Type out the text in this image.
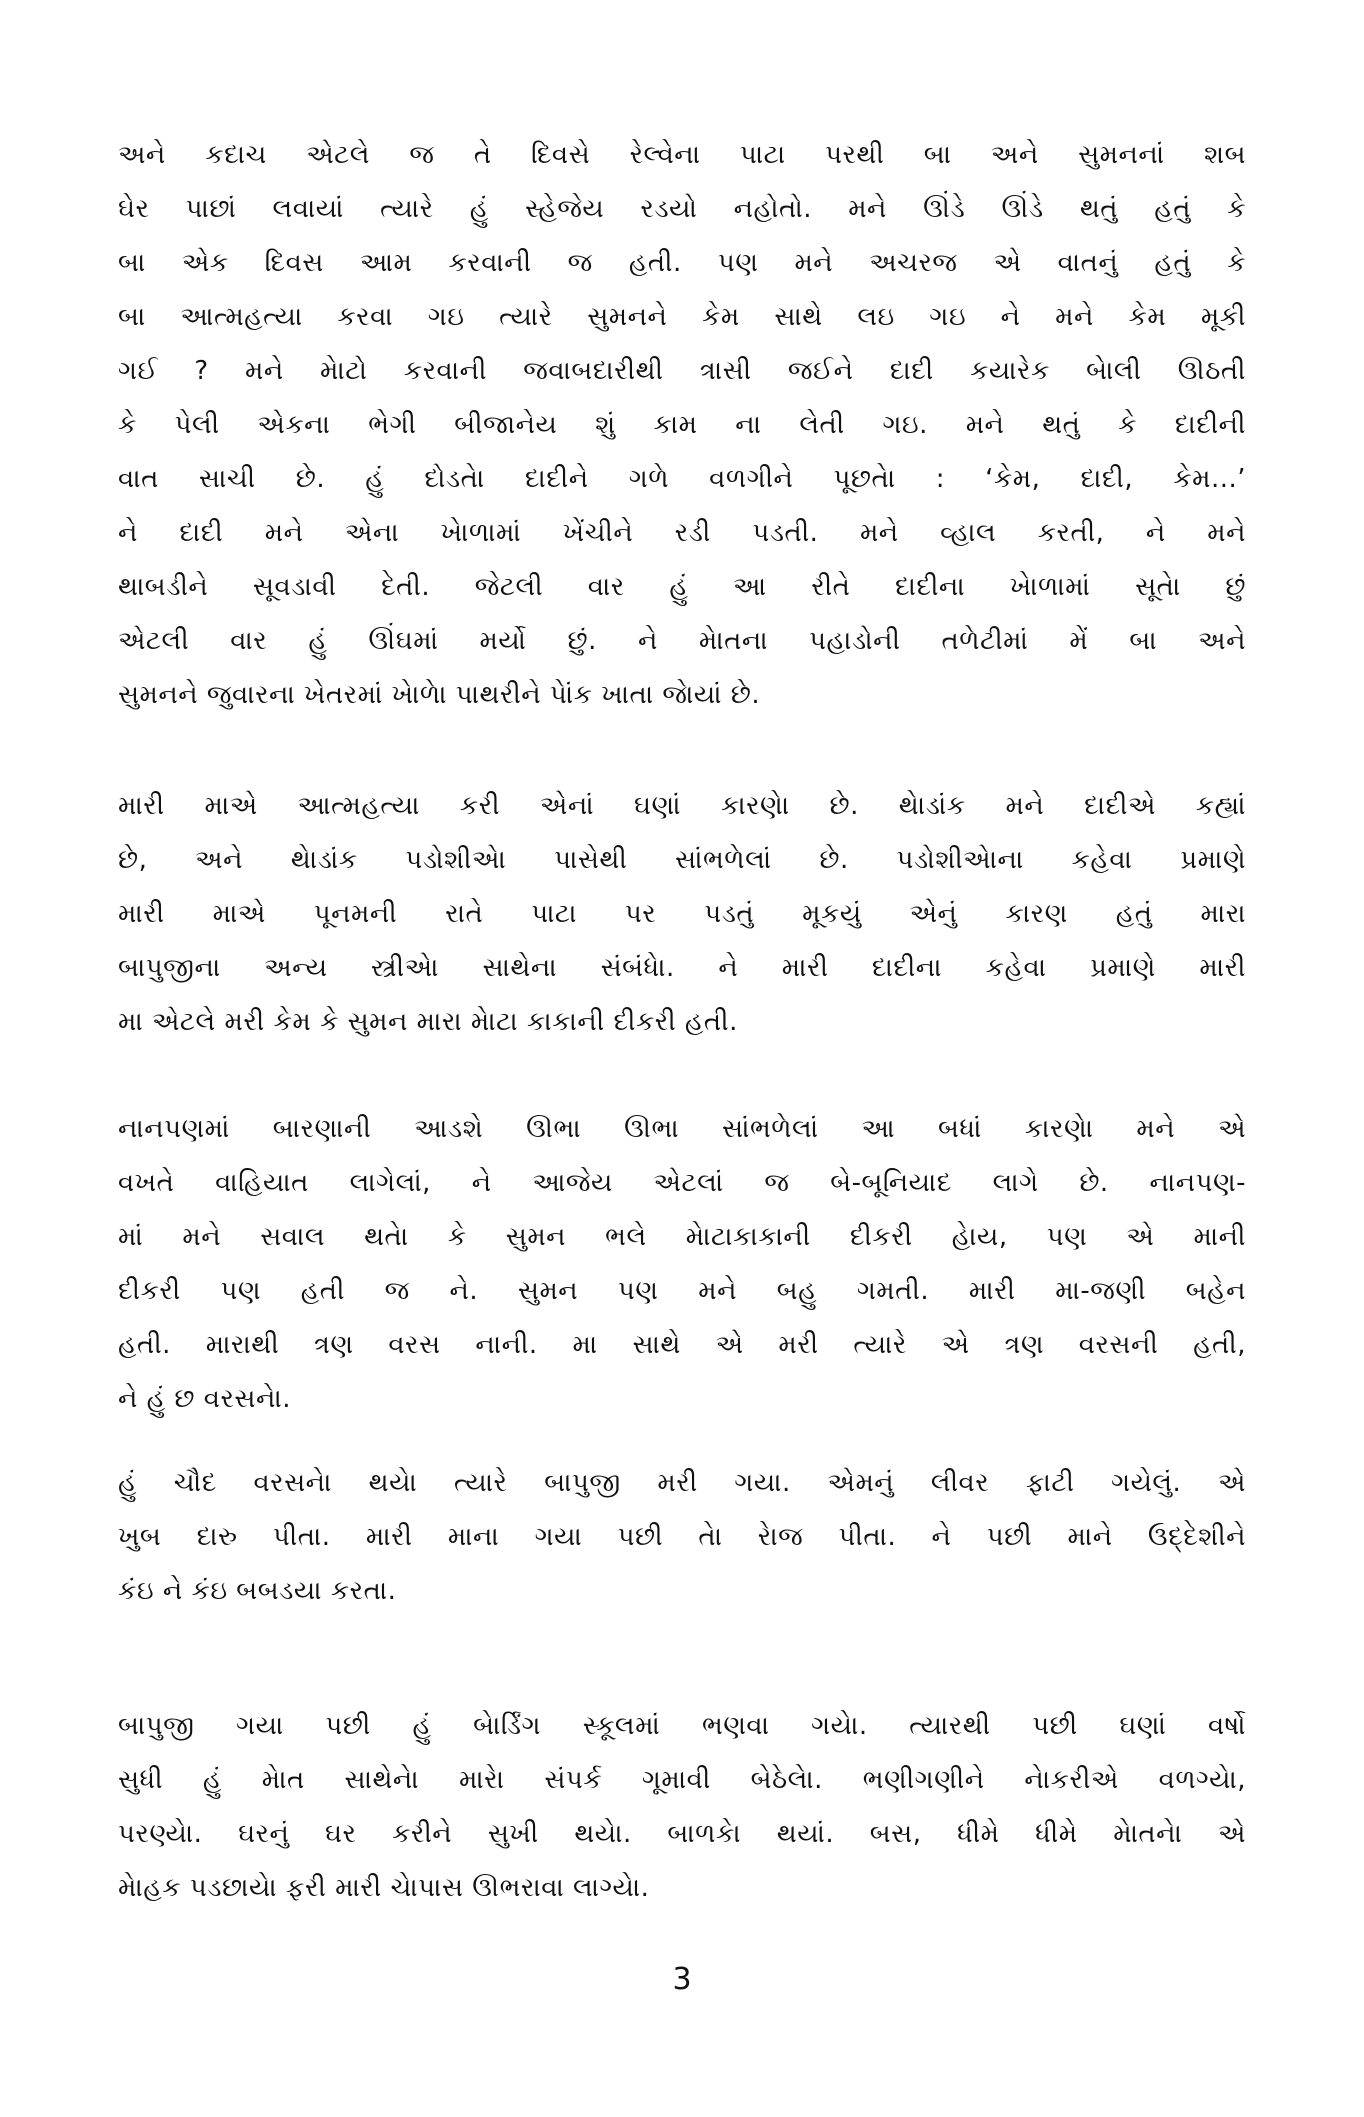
અને કદાચ એટલે જ તે દિવસે રેલ્વેના પાટા પરથી બા અને સુમનનાં શબ
ઘેર પાછાં લવાયાં ત્યારે હું સ્હેજેય રડયો નહોતો. મને ઊંડે ઊંડે થતું હતું કે
બા એક દિવસ આમ કરવાની જ હતી. પણ મને અચરજ એ વાતનું હતું કે
બા આત્મહત્યા કરવા ગઇ ત્યારે સુમનને કેમ સાથે લઇ ગઇ ને મને કેમ મૂકી
ગઈ ? મને મેાટો કરવાની જવાબદારીથી ત્રાસી જઈને દાદી કયારેક બેાલી ઊઠતી
કે પેલી એકના ભેગી બીજાનેય શું કામ ના લેતી ગઇ. મને થતું કે દાદીની
વાત સાચી છે. હું દોડતેા દાદીને ગળે વળગીને પૂછતેા : ‘કેમ, દાદી, કેમ...’
ને દાદી મને એના ખેાળામાં ખેંચીને રડી પડતી. મને વ્હાલ કરતી, ને મને
થાબડીને સૂવડાવી દેતી. જેટલી વાર હું આ રીતે દાદીના ખેાળામાં સૂતેા છું
એટલી વાર હું ઊંઘમાં મર્યો છું. ને મેાતના પહાડોની તળેટીમાં મેં બા અને
સુમનને જુવારના ખેતરમાં ખેાળેા પાથરીને પેાંક ખાતા જેાયાં છે.
મારી માએ આત્મહત્યા કરી એનાં ઘણાં કારણેા છે. થેાડાંક મને દાદીએ કહ્યાં
છે, અને થેાડાંક પડોશીએા પાસેથી સાંભળેલાં છે. પડોશીએાના કહેવા પ્રમાણે
મારી માએ પૂનમની રાતે પાટા પર પડતું મૂકયું એનું કારણ હતું મારા
બાપુજીના અન્ય સ્ત્રીએા સાથેના સંબંધેા. ને મારી દાદીના કહેવા પ્રમાણે મારી
મા એટલે મરી કેમ કે સુમન મારા મેાટા કાકાની દીકરી હતી.
નાનપણમાં બારણાની આડશે ઊભા ઊભા સાંભળેલાં આ બધાં કારણેા મને એ
વખતે વાહિયાત લાગેલાં, ને આજેય એટલાં જ બે-બૂનિયાદ લાગે છે. નાનપણ-
માં મને સવાલ થતેા કે સુમન ભલે મેાટાકાકાની દીકરી હેાય, પણ એ માની
દીકરી પણ હતી જ ને. સુમન પણ મને બહુ ગમતી. મારી મા-જણી બહેન
હતી. મારાથી ત્રણ વરસ નાની. મા સાથે એ મરી ત્યારે એ ત્રણ વરસની હતી,
ને હું છ વરસનેા.
હું ચૌદ વરસનેા થયેા ત્યારે બાપુજી મરી ગયા. એમનું લીવર ફાટી ગયેલું. એ
ખુબ દારુ પીતા. મારી માના ગયા પછી તેા રેાજ પીતા. ને પછી માને ઉદ્દેશીને
કંઇ ને કંઇ બબડયા કરતા.
બાપુજી ગયા પછી હું બેાર્ડિંગ સ્કૂલમાં ભણવા ગયેા. ત્યારથી પછી ઘણાં વર્ષો
સુધી હું મેાત સાથેનેા મારેા સંપર્ક ગૂમાવી બેઠેલેા. ભણીગણીને નેાકરીએ વળગ્યેા,
પરણ્યેા. ઘરનું ઘર કરીને સુખી થયેા. બાળકેા થયાં. બસ, ધીમે ધીમે મેાતનેા એ
મેાહક પડછાયેા ફરી મારી ચેાપાસ ઊભરાવા લાગ્યેા.
3
